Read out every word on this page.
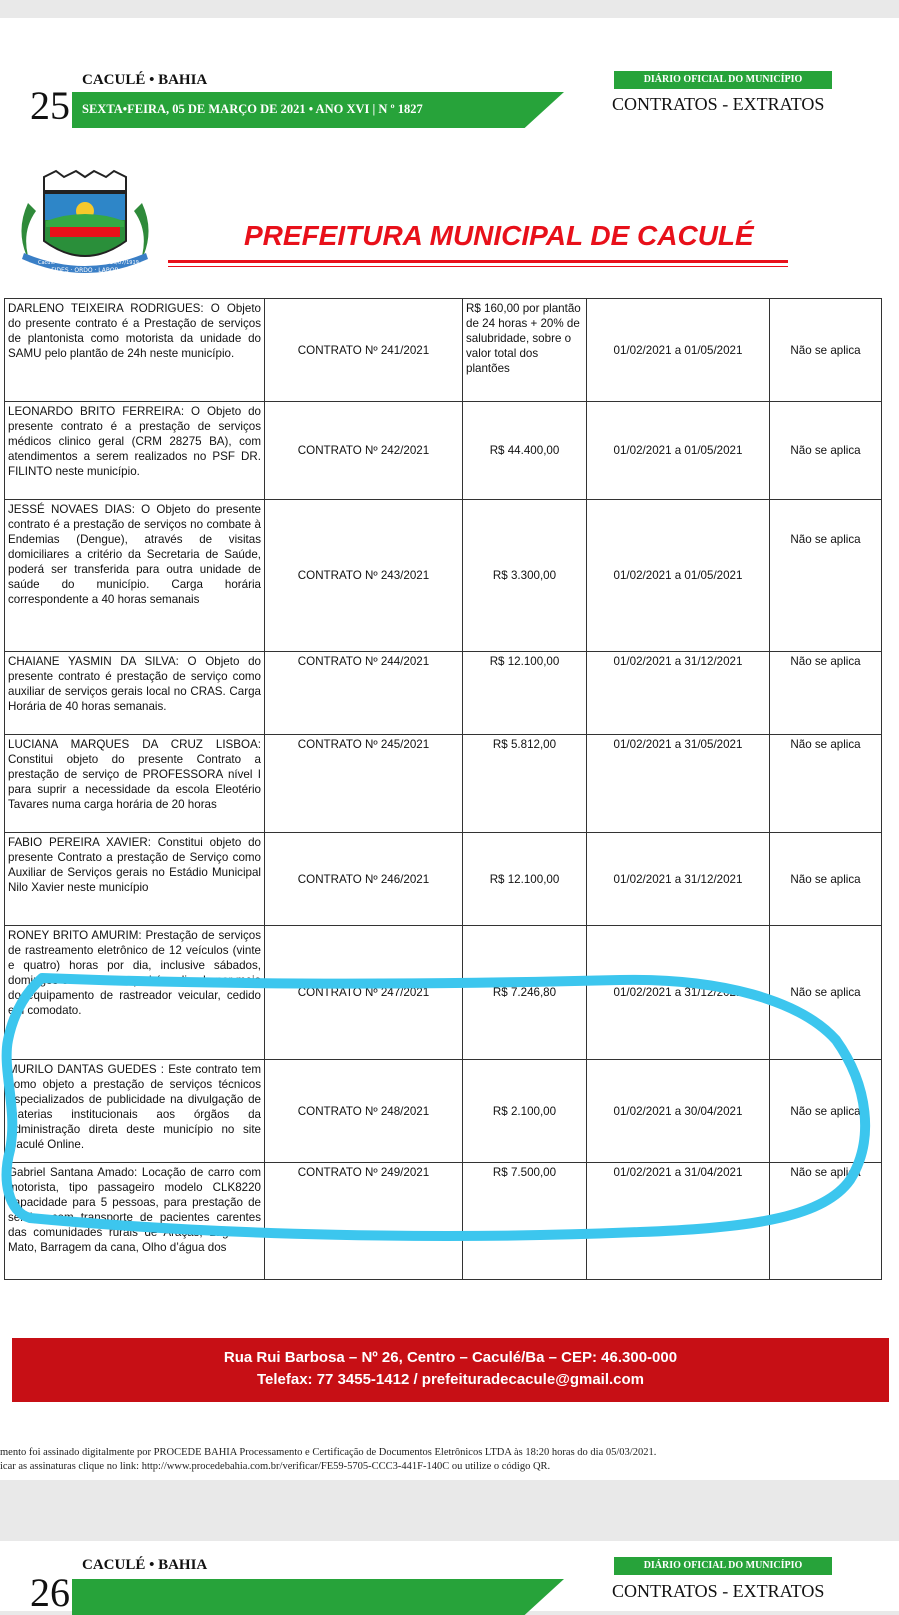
CACULÉ • BAHIA
25 SEXTA•FEIRA, 05 DE MARÇO DE 2021 • ANO XVI | N º 1827
DIÁRIO OFICIAL DO MUNICÍPIO
CONTRATOS - EXTRATOS
FIDES · ORDO · LABOR
Caculé	20/07/1919
PREFEITURA MUNICIPAL DE CACULÉ
DARLENO TEIXEIRA RODRIGUES: O Objeto do presente contrato é a Prestação de serviços de plantonista como motorista da unidade do SAMU pelo plantão de 24h neste município.	CONTRATO Nº 241/2021	R$ 160,00 por plantão de 24 horas + 20% de salubridade, sobre o valor total dos plantões	01/02/2021 a 01/05/2021	Não se aplica
LEONARDO BRITO FERREIRA: O Objeto do presente contrato é a prestação de serviços médicos clinico geral (CRM 28275 BA), com atendimentos a serem realizados no PSF DR. FILINTO neste município.	CONTRATO Nº 242/2021	R$ 44.400,00	01/02/2021 a 01/05/2021	Não se aplica
JESSÉ NOVAES DIAS: O Objeto do presente contrato é a prestação de serviços no combate à Endemias (Dengue), através de visitas domiciliares a critério da Secretaria de Saúde, poderá ser transferida para outra unidade de saúde do município. Carga horária correspondente a 40 horas semanais	CONTRATO Nº 243/2021	R$ 3.300,00	01/02/2021 a 01/05/2021	Não se aplica
CHAIANE YASMIN DA SILVA: O Objeto do presente contrato é prestação de serviço como auxiliar de serviços gerais local no CRAS. Carga Horária de 40 horas semanais.	CONTRATO Nº 244/2021	R$ 12.100,00	01/02/2021 a 31/12/2021	Não se aplica
LUCIANA MARQUES DA CRUZ LISBOA: Constitui objeto do presente Contrato a prestação de serviço de PROFESSORA nível I para suprir a necessidade da escola Eleotério Tavares numa carga horária de 20 horas	CONTRATO Nº 245/2021	R$ 5.812,00	01/02/2021 a 31/05/2021	Não se aplica
FABIO PEREIRA XAVIER: Constitui objeto do presente Contrato a prestação de Serviço como Auxiliar de Serviços gerais no Estádio Municipal Nilo Xavier neste município	CONTRATO Nº 246/2021	R$ 12.100,00	01/02/2021 a 31/12/2021	Não se aplica
RONEY BRITO AMURIM: Prestação de serviços de rastreamento eletrônico de 12 veículos (vinte e quatro) horas por dia, inclusive sábados, domingos e feriados, o qual é realizado por meio do equipamento de rastreador veicular, cedido em comodato.	CONTRATO Nº 247/2021	R$ 7.246,80	01/02/2021 a 31/12/2021	Não se aplica
MURILO DANTAS GUEDES : Este contrato tem como objeto a prestação de serviços técnicos especializados de publicidade na divulgação de materias institucionais aos órgãos da administração direta deste município no site Caculé Online.	CONTRATO Nº 248/2021	R$ 2.100,00	01/02/2021 a 30/04/2021	Não se aplica
Gabriel Santana Amado: Locação de carro com motorista, tipo passageiro modelo CLK8220 capacidade para 5 pessoas, para prestação de serviço com transporte de pacientes carentes das comunidades rurais de Araçás, Lagoa do Mato, Barragem da cana, Olho d’água dos	CONTRATO Nº 249/2021	R$ 7.500,00	01/02/2021 a 31/04/2021	Não se aplica
Rua Rui Barbosa – Nº 26, Centro – Caculé/Ba – CEP: 46.300-000
Telefax: 77 3455-1412 / prefeituradecacule@gmail.com
mento foi assinado digitalmente por PROCEDE BAHIA Processamento e Certificação de Documentos Eletrônicos LTDA às 18:20 horas do dia 05/03/2021.
icar as assinaturas clique no link: http://www.procedebahia.com.br/verificar/FE59-5705-CCC3-441F-140C ou utilize o código QR.
CACULÉ • BAHIA
26
DIÁRIO OFICIAL DO MUNICÍPIO
CONTRATOS - EXTRATOS
